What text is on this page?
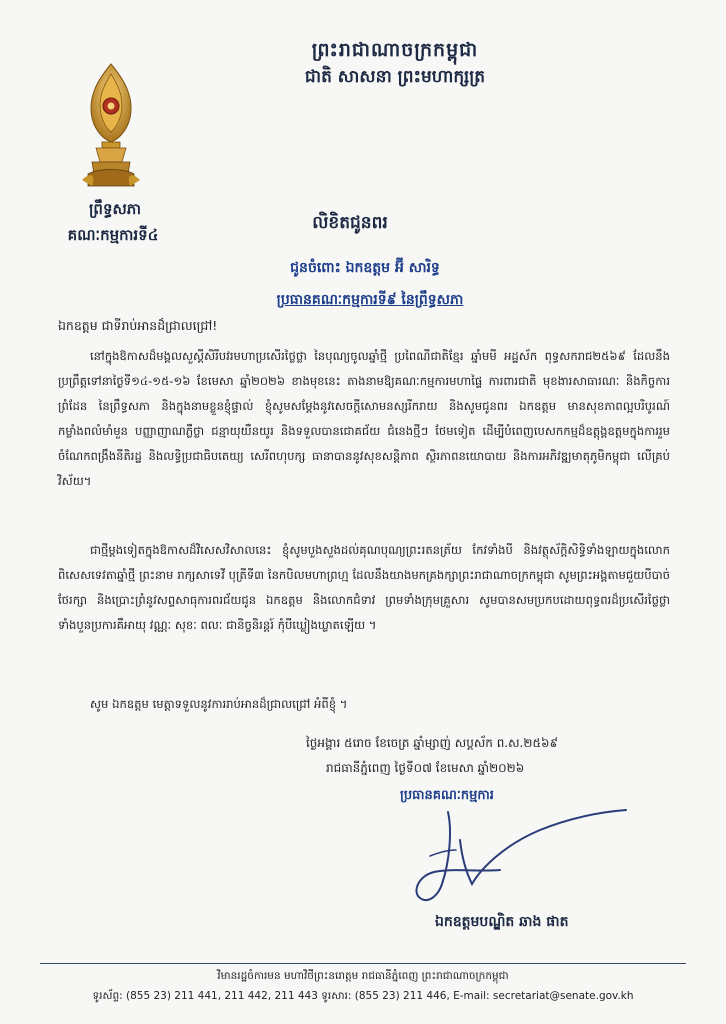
ព្រះរាជាណាចក្រកម្ពុជា
ជាតិ សាសនា ព្រះមហាក្សត្រ
ព្រឹទ្ធសភា
គណៈកម្មការទី៤
លិខិតជូនពរ
ជូនចំពោះ ឯកឧត្តម អ៊ី សារិទ្ធ
ប្រធានគណៈកម្មការទី៩ នៃព្រឹទ្ធសភា
ឯកឧត្តម ជាទីរាប់អានដ៏ជ្រាលជ្រៅ!
នៅក្នុងឱកាសដ៏មង្គលសួស្តីសិរីបវរមហាប្រសើរថ្លៃថ្លា នៃបុណ្យចូលឆ្នាំថ្មី ប្រពៃណីជាតិខ្មែរ ឆ្នាំមមី អដ្ឋស័ក ពុទ្ធសករាជ២៥៦៩ ដែលនឹងប្រព្រឹត្តទៅនាថ្ងៃទី១៤-១៥-១៦ ខែមេសា ឆ្នាំ២០២៦ ខាងមុខនេះ តាងនាមឱ្យគណៈកម្មការមហាផ្ទៃ ការពារជាតិ មុខងារសាធារណៈ និងកិច្ចការព្រំដែន នៃព្រឹទ្ធសភា និងក្នុងនាមខ្លួនខ្ញុំផ្ទាល់ ខ្ញុំសូមសម្តែងនូវសេចក្តីសោមនស្សរីករាយ និងសូមជូនពរ ឯកឧត្តម មានសុខភាពល្អបរិបូរណ៍ កម្លាំងពលំមាំមួន បញ្ញាញាណភ្លឺថ្លា ជន្មាយុយឺនយូរ និងទទួលបានជោគជ័យ ជំនេងថ្មីៗ ថែមទៀត ដើម្បីបំពេញបេសកកម្មដ៏ឧត្តុង្គឧត្តមក្នុងការរួមចំណែកពង្រឹងនីតិរដ្ឋ និងលទ្ធិប្រជាធិបតេយ្យ សេរីពហុបក្ស ធានាបាននូវសុខសន្តិភាព ស្ថិរភាពនយោបាយ និងការអភិវឌ្ឍមាតុភូមិកម្ពុជា លើគ្រប់វិស័យ។
ជាថ្មីម្តងទៀតក្នុងឱកាសដ៏វិសេសវិសាលនេះ ខ្ញុំសូមបួងសួងដល់គុណបុណ្យព្រះរតនត្រ័យ កែវទាំងបី និងវត្ថុស័ក្តិសិទ្ធិទាំងឡាយក្នុងលោក ពិសេសទេវតាឆ្នាំថ្មី ព្រះនាម រាក្សសាទេវី បុត្រីទី៣ នៃកបិលមហាព្រហ្ម ដែលនឹងយាងមកគ្រងក្សាព្រះរាជាណាចក្រកម្ពុជា សូមព្រះអង្គតាមជួយបីបាច់ ថែរក្សា និងប្រោះព្រំនូវសព្ទសាធុការពរជ័យជូន ឯកឧត្តម និងលោកជំទាវ ព្រមទាំងក្រុមគ្រួសារ សូមបានសមប្រកបដោយពុទ្ធពរដ៏ប្រសើរថ្លៃថ្លាទាំងបួនប្រការគឺអាយុ វណ្ណៈ សុខៈ ពលៈ ជានិច្ចនិរន្តរ៍ កុំបីឃ្លៀងឃ្លាតឡើយ ។
សូម ឯកឧត្តម មេត្តាទទួលនូវការរាប់អានដ៏ជ្រាលជ្រៅ អំពីខ្ញុំ ។
ថ្ងៃអង្គារ ៥រោច ខែចេត្រ ឆ្នាំម្សាញ់ សប្តស័ក ព.ស.២៥៦៩
រាជធានីភ្នំពេញ ថ្ងៃទី០៧ ខែមេសា ឆ្នាំ២០២៦
ប្រធានគណៈកម្មការ
ឯកឧត្តមបណ្ឌិត ឆាង ផាត
វិមានរដ្ឋចំការមន មហាវិថីព្រះនរោត្តម រាជធានីភ្នំពេញ ព្រះរាជាណាចក្រកម្ពុជា
ទូរស័ព្ទ: (855 23) 211 441, 211 442, 211 443 ទូរសារ: (855 23) 211 446, E-mail: secretariat@senate.gov.kh
